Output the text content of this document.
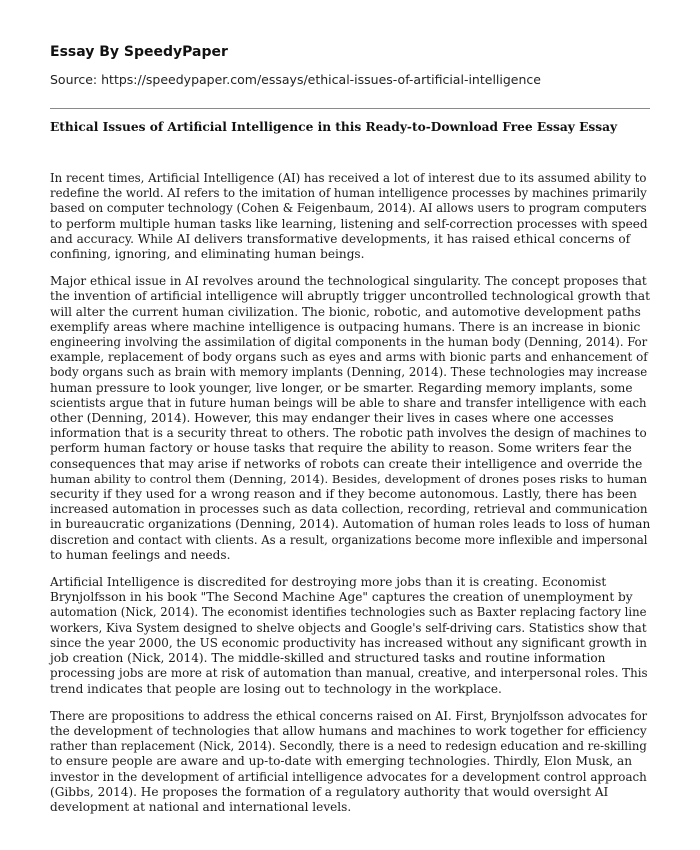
Essay By SpeedyPaper
Source: https://speedypaper.com/essays/ethical-issues-of-artificial-intelligence
Ethical Issues of Artificial Intelligence in this Ready-to-Download Free Essay Essay

In recent times, Artificial Intelligence (AI) has received a lot of interest due to its assumed ability to
redefine the world. AI refers to the imitation of human intelligence processes by machines primarily
based on computer technology (Cohen & Feigenbaum, 2014). AI allows users to program computers
to perform multiple human tasks like learning, listening and self-correction processes with speed
and accuracy. While AI delivers transformative developments, it has raised ethical concerns of
confining, ignoring, and eliminating human beings.

Major ethical issue in AI revolves around the technological singularity. The concept proposes that
the invention of artificial intelligence will abruptly trigger uncontrolled technological growth that
will alter the current human civilization. The bionic, robotic, and automotive development paths
exemplify areas where machine intelligence is outpacing humans. There is an increase in bionic
engineering involving the assimilation of digital components in the human body (Denning, 2014). For
example, replacement of body organs such as eyes and arms with bionic parts and enhancement of
body organs such as brain with memory implants (Denning, 2014). These technologies may increase
human pressure to look younger, live longer, or be smarter. Regarding memory implants, some
scientists argue that in future human beings will be able to share and transfer intelligence with each
other (Denning, 2014). However, this may endanger their lives in cases where one accesses
information that is a security threat to others. The robotic path involves the design of machines to
perform human factory or house tasks that require the ability to reason. Some writers fear the
consequences that may arise if networks of robots can create their intelligence and override the
human ability to control them (Denning, 2014). Besides, development of drones poses risks to human
security if they used for a wrong reason and if they become autonomous. Lastly, there has been
increased automation in processes such as data collection, recording, retrieval and communication
in bureaucratic organizations (Denning, 2014). Automation of human roles leads to loss of human
discretion and contact with clients. As a result, organizations become more inflexible and impersonal
to human feelings and needs.

Artificial Intelligence is discredited for destroying more jobs than it is creating. Economist
Brynjolfsson in his book "The Second Machine Age" captures the creation of unemployment by
automation (Nick, 2014). The economist identifies technologies such as Baxter replacing factory line
workers, Kiva System designed to shelve objects and Google's self-driving cars. Statistics show that
since the year 2000, the US economic productivity has increased without any significant growth in
job creation (Nick, 2014). The middle-skilled and structured tasks and routine information
processing jobs are more at risk of automation than manual, creative, and interpersonal roles. This
trend indicates that people are losing out to technology in the workplace.

There are propositions to address the ethical concerns raised on AI. First, Brynjolfsson advocates for
the development of technologies that allow humans and machines to work together for efficiency
rather than replacement (Nick, 2014). Secondly, there is a need to redesign education and re-skilling
to ensure people are aware and up-to-date with emerging technologies. Thirdly, Elon Musk, an
investor in the development of artificial intelligence advocates for a development control approach
(Gibbs, 2014). He proposes the formation of a regulatory authority that would oversight AI
development at national and international levels.
